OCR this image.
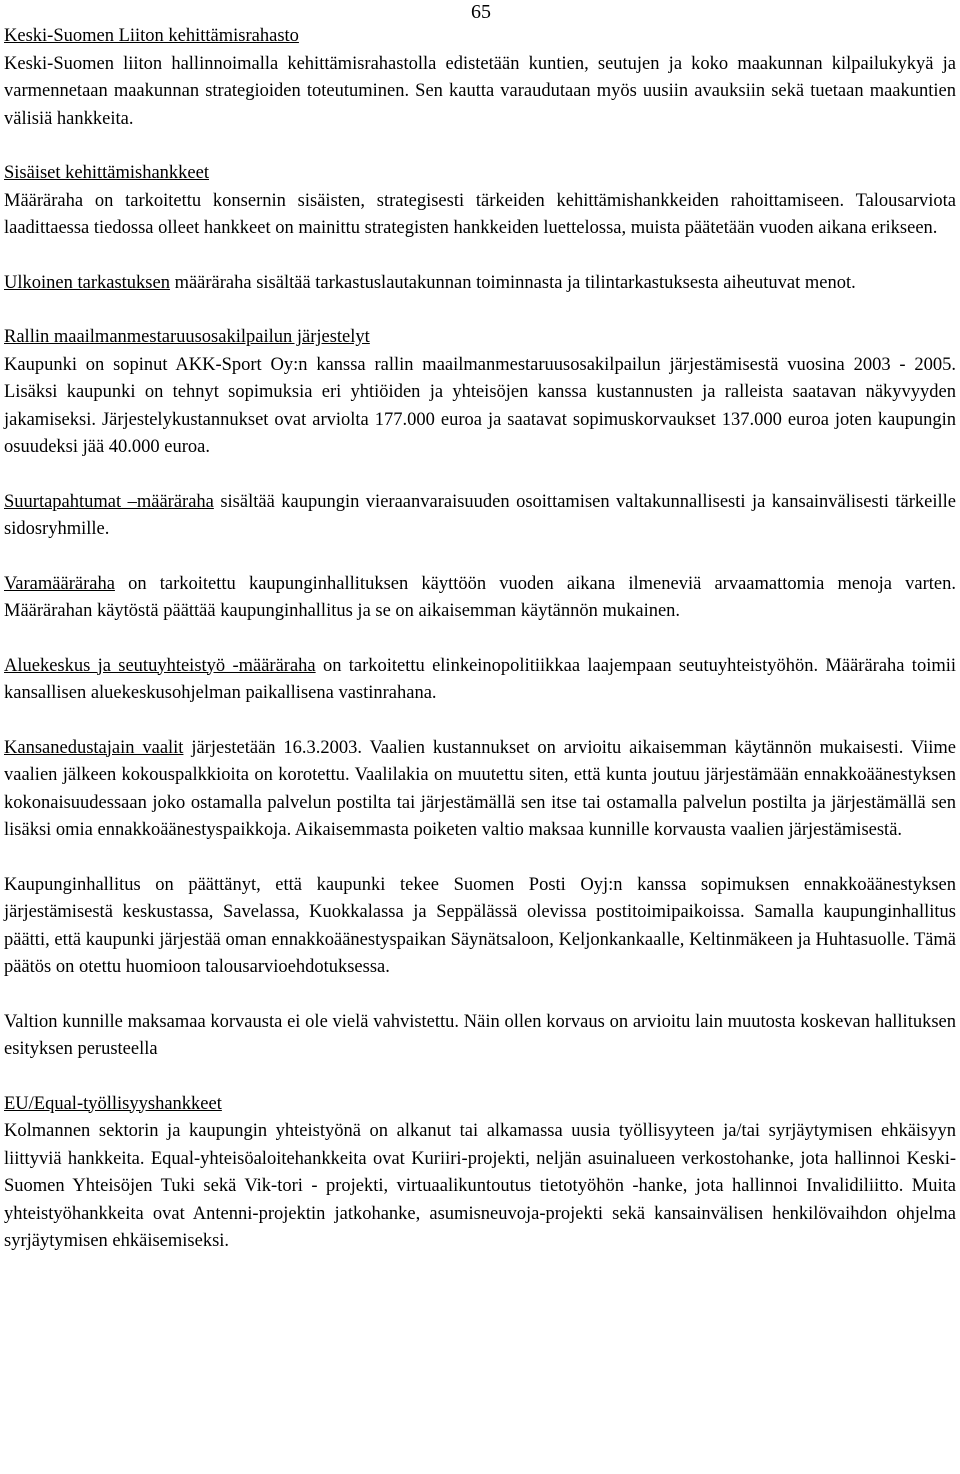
65
Keski-Suomen Liiton kehittämisrahasto

Keski-Suomen liiton hallinnoimalla kehittämisrahastolla edistetään kuntien, seutujen ja koko maakunnan kilpailukykyä ja varmennetaan maakunnan strategioiden toteutuminen. Sen kautta varaudutaan myös uusiin avauksiin sekä tuetaan maakuntien välisiä hankkeita.

Sisäiset kehittämishankkeet

Määräraha on tarkoitettu konsernin sisäisten, strategisesti tärkeiden kehittämishankkeiden rahoittamiseen. Talousarviota laadittaessa tiedossa olleet hankkeet on mainittu strategisten hankkeiden luettelossa, muista päätetään vuoden aikana erikseen.

Ulkoinen tarkastuksen määräraha sisältää tarkastuslautakunnan toiminnasta ja tilintarkastuksesta aiheutuvat menot.

Rallin maailmanmestaruusosakilpailun järjestelyt

Kaupunki on sopinut AKK-Sport Oy:n kanssa rallin maailmanmestaruusosakilpailun järjestämisestä vuosina 2003 - 2005. Lisäksi kaupunki on tehnyt sopimuksia eri yhtiöiden ja yhteisöjen kanssa kustannusten ja ralleista saatavan näkyvyyden jakamiseksi. Järjestelykustannukset ovat arviolta 177.000 euroa ja saatavat sopimuskorvaukset 137.000 euroa joten kaupungin osuudeksi jää 40.000 euroa.

Suurtapahtumat –määräraha sisältää kaupungin vieraanvaraisuuden osoittamisen valtakunnallisesti ja kansainvälisesti tärkeille sidosryhmille.

Varamääräraha on tarkoitettu kaupunginhallituksen käyttöön vuoden aikana ilmeneviä arvaamattomia menoja varten. Määrärahan käytöstä päättää kaupunginhallitus ja se on aikaisemman käytännön mukainen.

Aluekeskus ja seutuyhteistyö -määräraha on tarkoitettu elinkeinopolitiikkaa laajempaan seutuyhteistyöhön. Määräraha toimii kansallisen aluekeskusohjelman paikallisena vastinrahana.

Kansanedustajain vaalit järjestetään 16.3.2003. Vaalien kustannukset on arvioitu aikaisemman käytännön mukaisesti. Viime vaalien jälkeen kokouspalkkioita on korotettu. Vaalilakia on muutettu siten, että kunta joutuu järjestämään ennakkoäänestyksen kokonaisuudessaan joko ostamalla palvelun postilta tai järjestämällä sen itse tai ostamalla palvelun postilta ja järjestämällä sen lisäksi omia ennakkoäänestyspaikkoja. Aikaisemmasta poiketen valtio maksaa kunnille korvausta vaalien järjestämisestä.

Kaupunginhallitus on päättänyt, että kaupunki tekee Suomen Posti Oyj:n kanssa sopimuksen ennakkoäänestyksen järjestämisestä keskustassa, Savelassa, Kuokkalassa ja Seppälässä olevissa postitoimipaikoissa. Samalla kaupunginhallitus päätti, että kaupunki järjestää oman ennakkoäänestyspaikan Säynätsaloon, Keljonkankaalle, Keltinmäkeen ja Huhtasuolle. Tämä päätös on otettu huomioon talousarvioehdotuksessa.

Valtion kunnille maksamaa korvausta ei ole vielä vahvistettu. Näin ollen korvaus on arvioitu lain muutosta koskevan hallituksen esityksen perusteella

EU/Equal-työllisyyshankkeet

Kolmannen sektorin ja kaupungin yhteistyönä on alkanut tai alkamassa uusia työllisyyteen ja/tai syrjäytymisen ehkäisyyn liittyviä hankkeita. Equal-yhteisöaloitehankkeita ovat Kuriiri-projekti, neljän asuinalueen verkostohanke, jota hallinnoi Keski-Suomen Yhteisöjen Tuki sekä Vik-tori - projekti, virtuaalikuntoutus tietotyöhön -hanke, jota hallinnoi Invalidiliitto. Muita yhteistyöhankkeita ovat Antenni-projektin jatkohanke, asumisneuvoja-projekti sekä kansainvälisen henkilövaihdon ohjelma syrjäytymisen ehkäisemiseksi.
